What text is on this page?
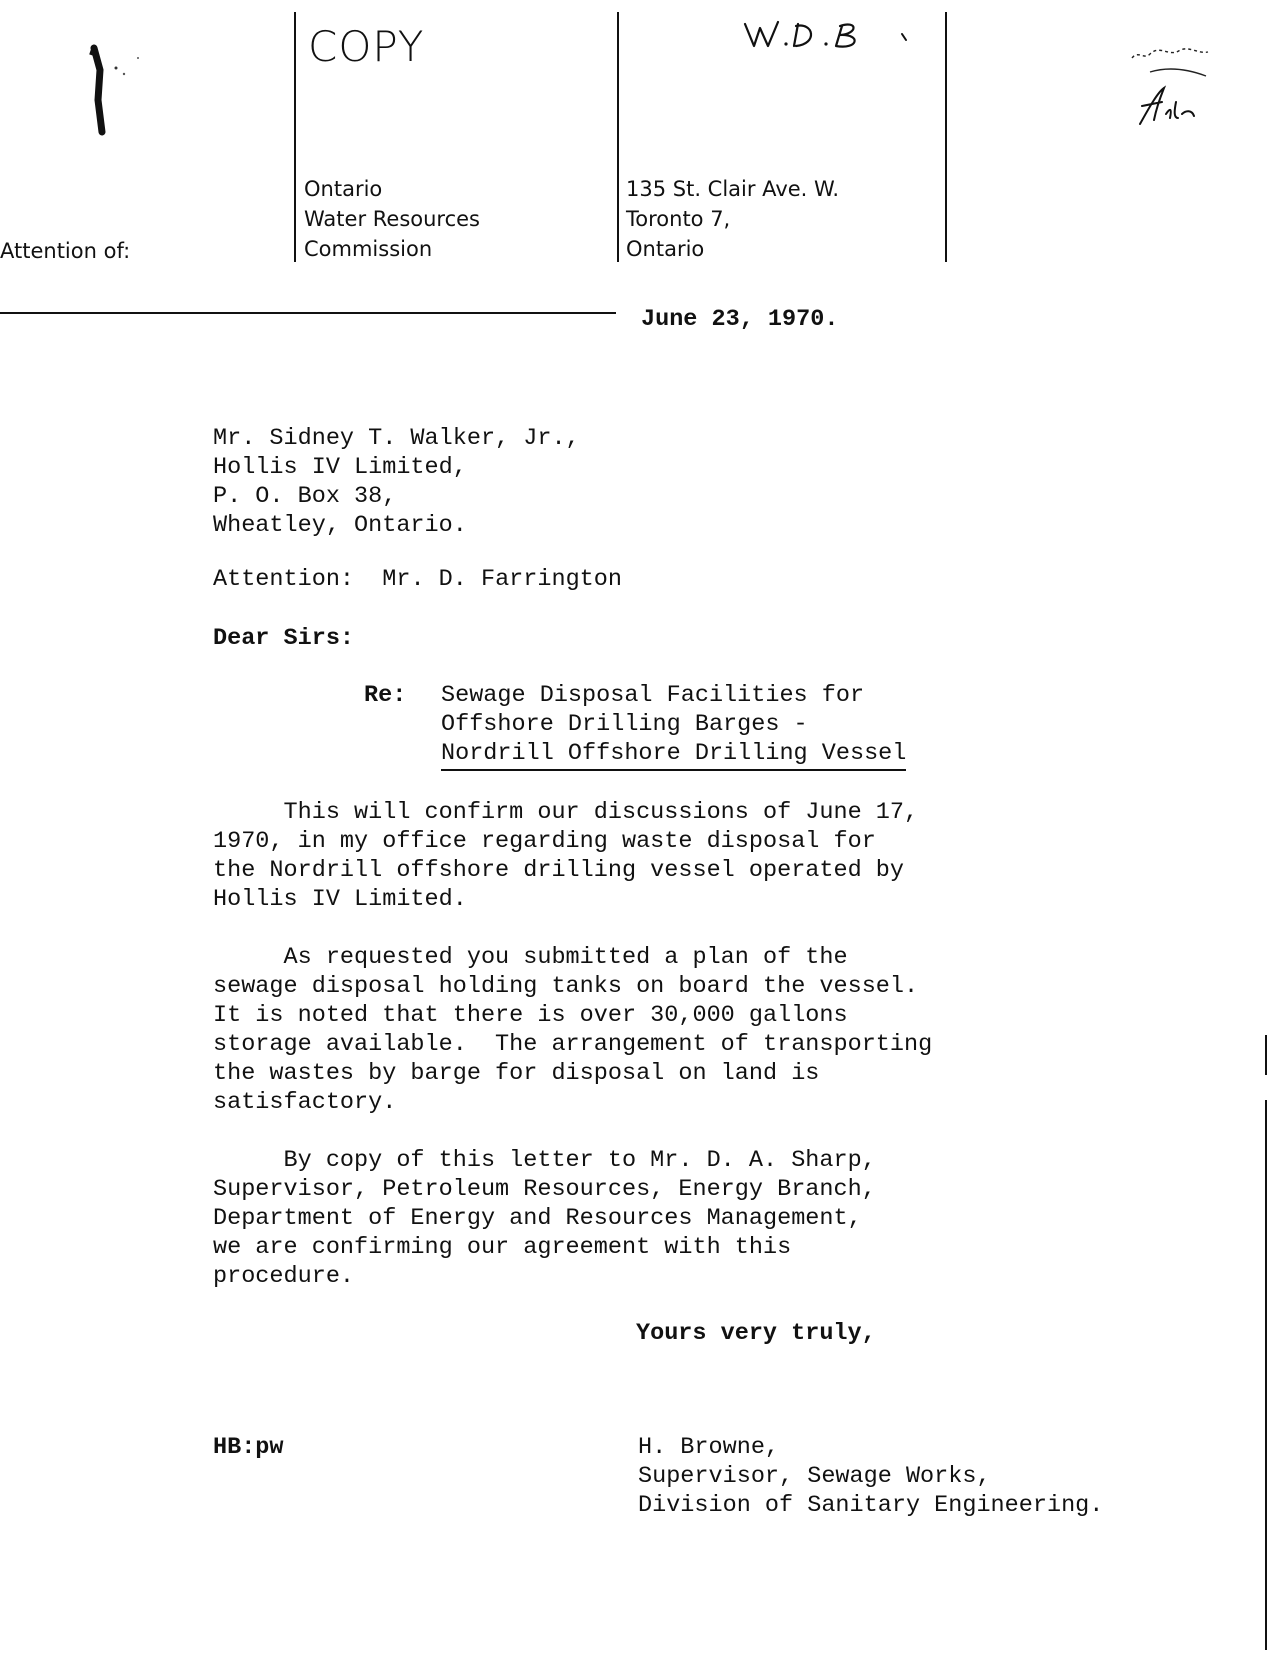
COPY
Ontario
Water Resources
Commission
135 St. Clair Ave. W.
Toronto 7,
Ontario
Attention of:
June 23, 1970.
Mr. Sidney T. Walker, Jr.,
Hollis IV Limited,
P. O. Box 38,
Wheatley, Ontario.
Attention: Mr. D. Farrington
Dear Sirs:
Re: Sewage Disposal Facilities for
Offshore Drilling Barges -
Nordrill Offshore Drilling Vessel
This will confirm our discussions of June 17,
1970, in my office regarding waste disposal for
the Nordrill offshore drilling vessel operated by
Hollis IV Limited.
As requested you submitted a plan of the
sewage disposal holding tanks on board the vessel.
It is noted that there is over 30,000 gallons
storage available.  The arrangement of transporting
the wastes by barge for disposal on land is
satisfactory.
By copy of this letter to Mr. D. A. Sharp,
Supervisor, Petroleum Resources, Energy Branch,
Department of Energy and Resources Management,
we are confirming our agreement with this
procedure.
Yours very truly,
HB:pw	H. Browne,
Supervisor, Sewage Works,
Division of Sanitary Engineering.
